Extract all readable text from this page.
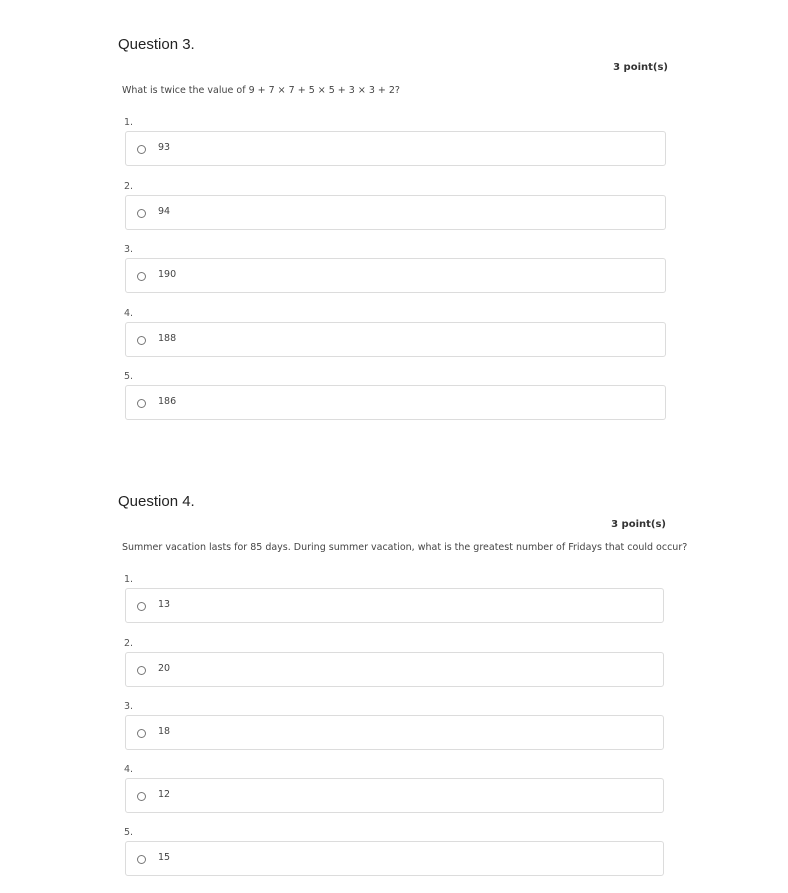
Question 3.
3 point(s)
What is twice the value of 9 + 7 × 7 + 5 × 5 + 3 × 3 + 2?
1.
93
2.
94
3.
190
4.
188
5.
186
Question 4.
3 point(s)
Summer vacation lasts for 85 days. During summer vacation, what is the greatest number of Fridays that could occur?
1.
13
2.
20
3.
18
4.
12
5.
15
